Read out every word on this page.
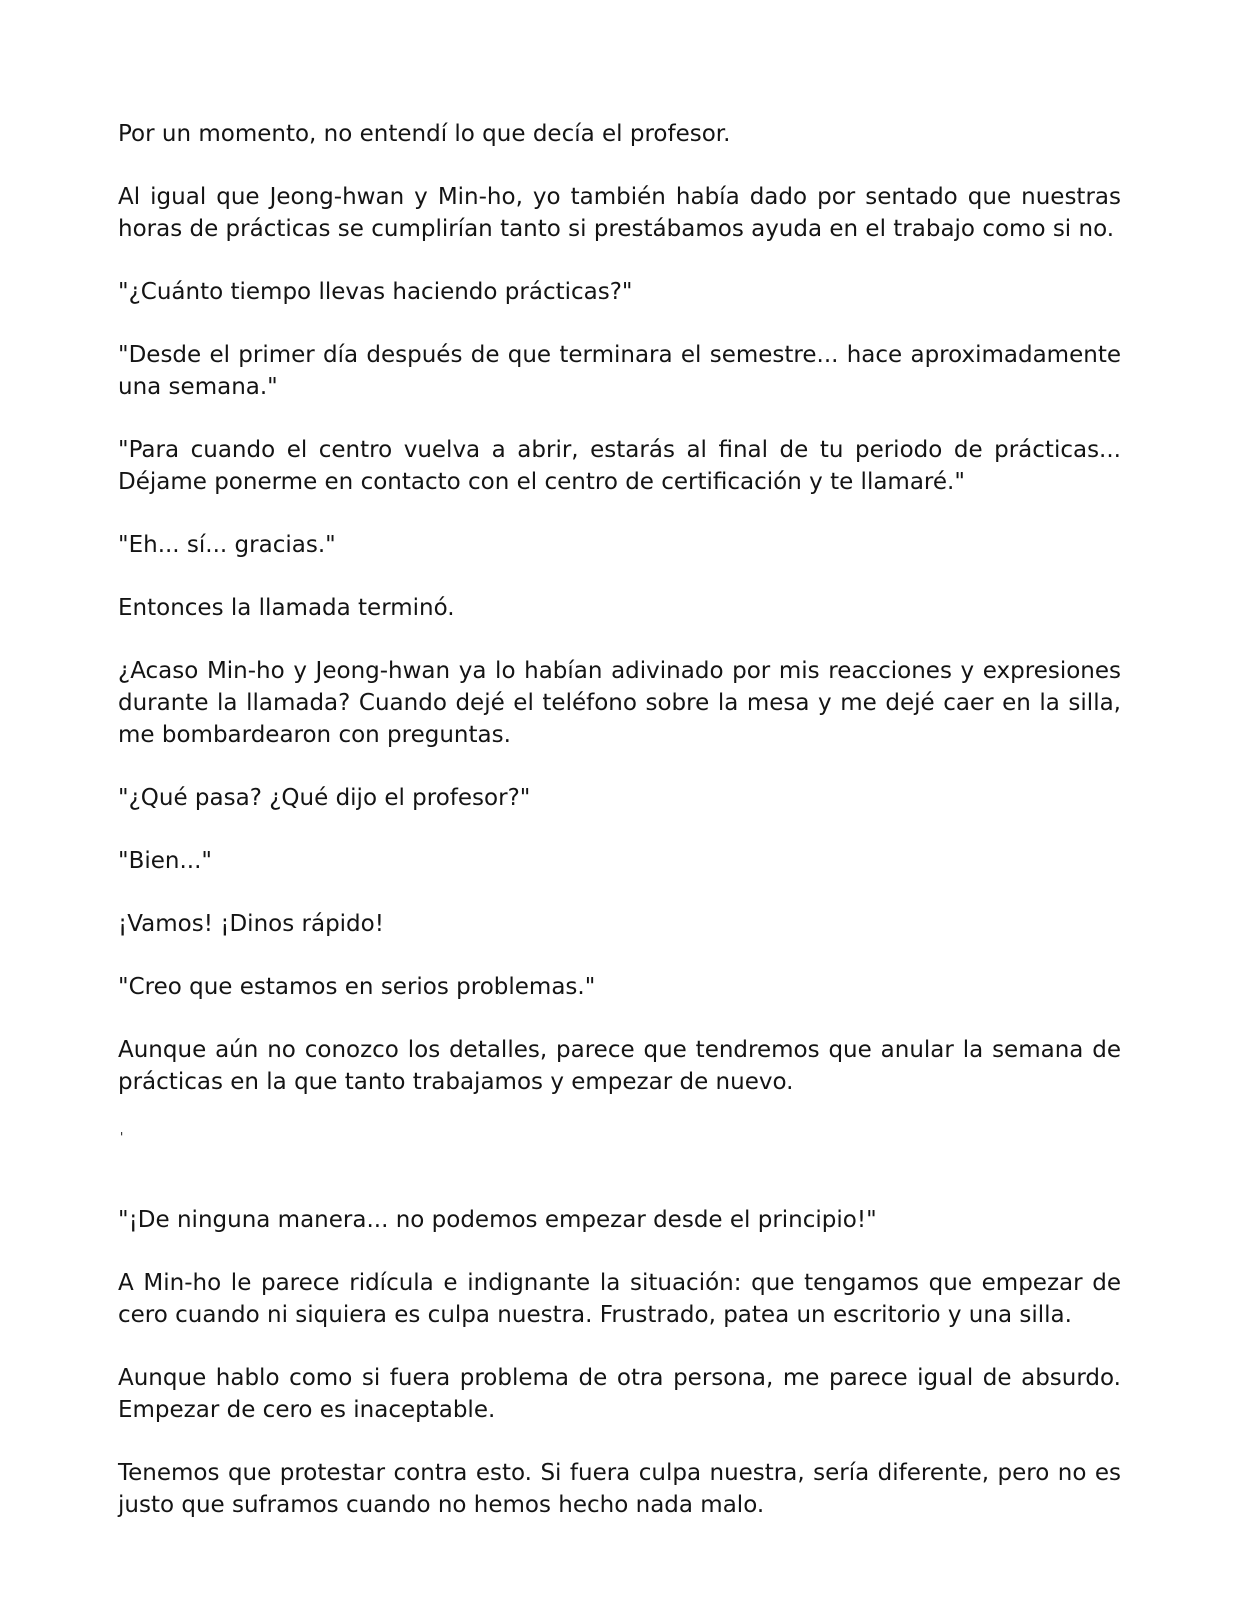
Por un momento, no entendí lo que decía el profesor.

Al igual que Jeong-hwan y Min-ho, yo también había dado por sentado que nuestras horas de prácticas se cumplirían tanto si prestábamos ayuda en el trabajo como si no.

"¿Cuánto tiempo llevas haciendo prácticas?"

"Desde el primer día después de que terminara el semestre... hace aproximadamente una semana."

"Para cuando el centro vuelva a abrir, estarás al final de tu periodo de prácticas... Déjame ponerme en contacto con el centro de certificación y te llamaré."

"Eh... sí... gracias."

Entonces la llamada terminó.

¿Acaso Min-ho y Jeong-hwan ya lo habían adivinado por mis reacciones y expresiones durante la llamada? Cuando dejé el teléfono sobre la mesa y me dejé caer en la silla, me bombardearon con preguntas.

"¿Qué pasa? ¿Qué dijo el profesor?"

"Bien..."

¡Vamos! ¡Dinos rápido!

"Creo que estamos en serios problemas."

Aunque aún no conozco los detalles, parece que tendremos que anular la semana de prácticas en la que tanto trabajamos y empezar de nuevo.

'

"¡De ninguna manera... no podemos empezar desde el principio!"

A Min-ho le parece ridícula e indignante la situación: que tengamos que empezar de cero cuando ni siquiera es culpa nuestra. Frustrado, patea un escritorio y una silla.

Aunque hablo como si fuera problema de otra persona, me parece igual de absurdo. Empezar de cero es inaceptable.

Tenemos que protestar contra esto. Si fuera culpa nuestra, sería diferente, pero no es justo que suframos cuando no hemos hecho nada malo.
